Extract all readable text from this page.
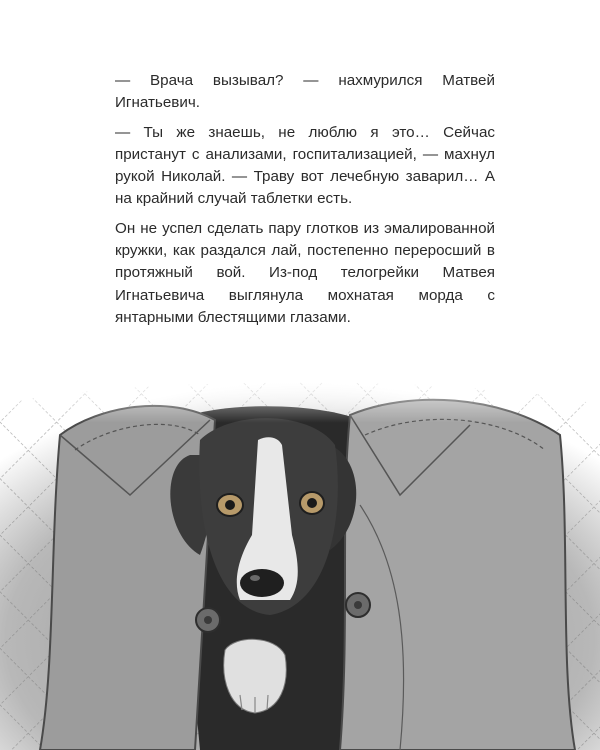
— Врача вызывал? — нахмурился Матвей Игнатьевич.

— Ты же знаешь, не люблю я это… Сейчас пристанут с анализами, госпитализацией, — махнул рукой Николай. — Траву вот лечебную заварил… А на крайний случай таблетки есть.

Он не успел сделать пару глотков из эмалированной кружки, как раздался лай, постепенно переросший в протяжный вой. Из-под телогрейки Матвея Игнатьевича выглянула мохнатая морда с янтарными блестящими глазами.
